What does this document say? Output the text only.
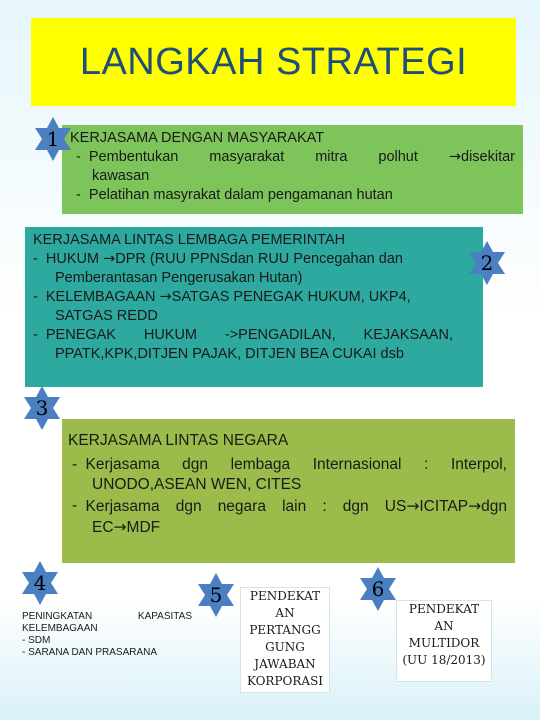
LANGKAH STRATEGI
KERJASAMA DENGAN MASYARAKAT
-
Pembentukan masyarakat mitra polhut →disekitar
kawasan
-
Pelatihan masyrakat dalam pengamanan hutan
KERJASAMA LINTAS LEMBAGA PEMERINTAH
-
HUKUM →DPR (RUU PPNSdan RUU Pencegahan dan
Pemberantasan Pengerusakan Hutan)
-
KELEMBAGAAN →SATGAS PENEGAK HUKUM, UKP4,
SATGAS REDD
-
PENEGAK HUKUM ->PENGADILAN, KEJAKSAAN,
PPATK,KPK,DITJEN PAJAK, DITJEN BEA CUKAI dsb
KERJASAMA LINTAS NEGARA
-
Kerjasama dgn lembaga Internasional : Interpol,
UNODO,ASEAN WEN, CITES
-
Kerjasama dgn negara lain : dgn US→ICITAP→dgn
EC→MDF
1
2
3
4	5	6
PENINGKATAN	KAPASITAS
KELEMBAGAAN
- SDM
- SARANA DAN PRASARANA
PENDEKAT
AN
PERTANGG
GUNG
JAWABAN
KORPORASI
PENDEKAT
AN
MULTIDOR
(UU 18/2013)
